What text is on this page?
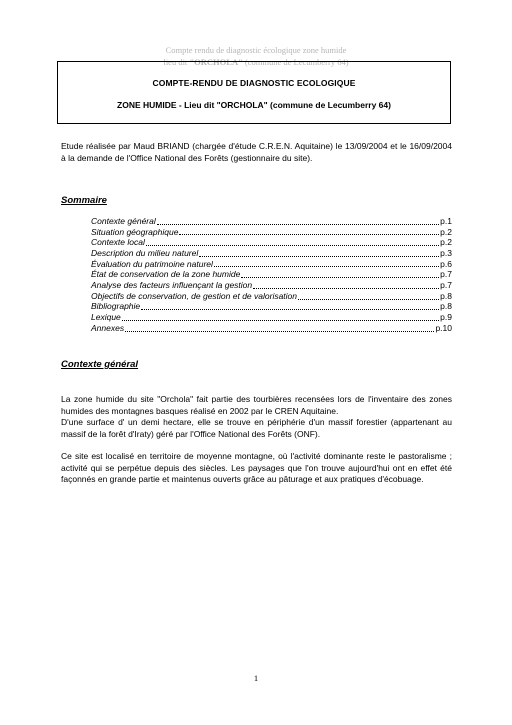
Compte rendu de diagnostic écologique zone humide
lieu dit "ORCHOLA" (commune de Lecumberry 64)
COMPTE-RENDU DE DIAGNOSTIC ECOLOGIQUE
ZONE HUMIDE - Lieu dit "ORCHOLA" (commune de Lecumberry 64)
Etude réalisée par Maud BRIAND (chargée d'étude C.R.E.N. Aquitaine) le 13/09/2004 et le 16/09/2004 à la demande de l'Office National des Forêts (gestionnaire du site).
Sommaire
Contexte général	p.1
Situation géographique	p.2
Contexte local	p.2
Description du milieu naturel	p.3
Évaluation du patrimoine naturel	p.6
État de conservation de la zone humide	p.7
Analyse des facteurs influençant la gestion	p.7
Objectifs de conservation, de gestion et de valorisation	p.8
Bibliographie	p.8
Lexique	p.9
Annexes	p.10
Contexte général
La zone humide du site "Orchola" fait partie des tourbières recensées lors de l'inventaire des zones humides des montagnes basques réalisé en 2002 par le CREN Aquitaine.
D'une surface d' un demi hectare, elle se trouve en périphérie d'un massif forestier (appartenant au massif de la forêt d'Iraty) géré par l'Office National des Forêts (ONF).
Ce site est localisé en territoire de moyenne montagne, où l'activité dominante reste le pastoralisme ; activité qui se perpétue depuis des siècles. Les paysages que l'on trouve aujourd'hui ont en effet été façonnés en grande partie et maintenus ouverts grâce au pâturage et aux pratiques d'écobuage.
1
